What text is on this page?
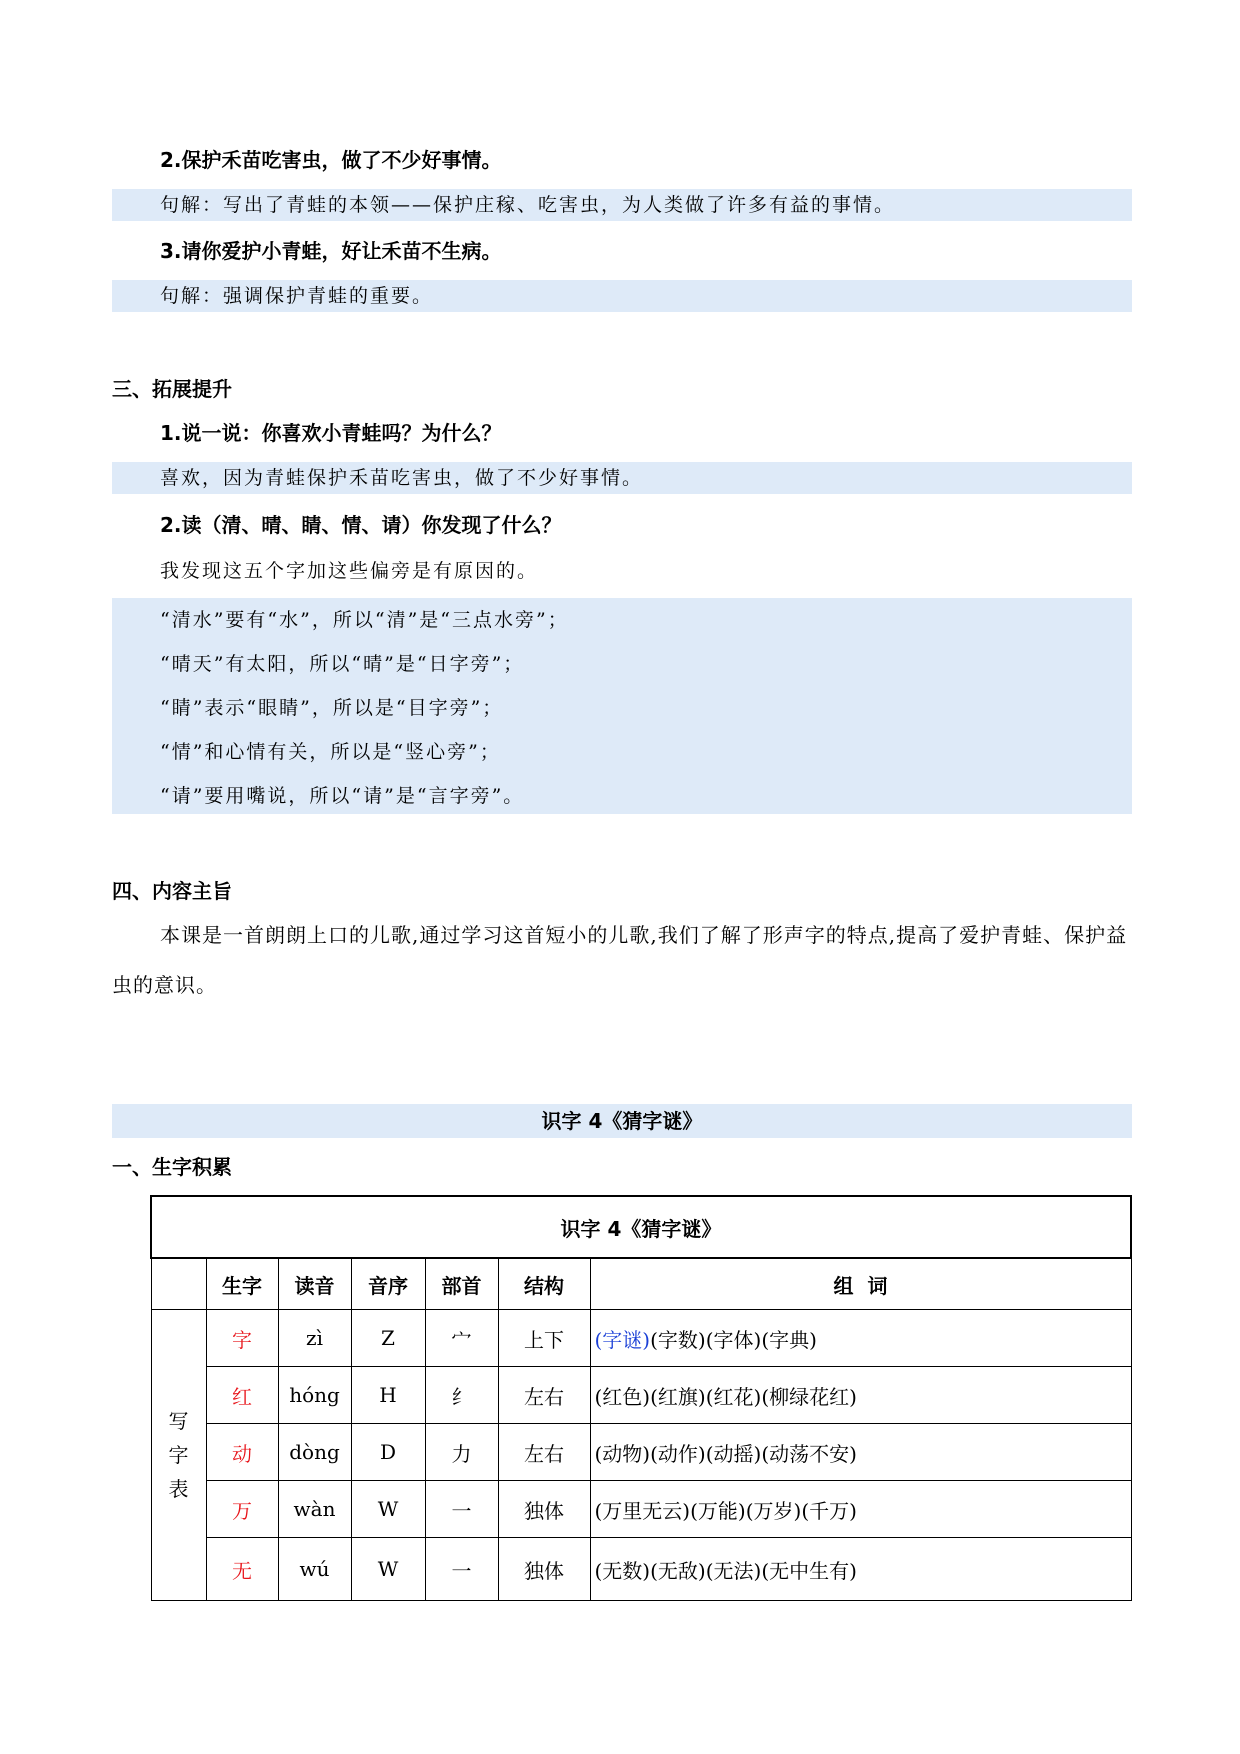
2.保护禾苗吃害虫，做了不少好事情。
句解：写出了青蛙的本领——保护庄稼、吃害虫，为人类做了许多有益的事情。
3.请你爱护小青蛙，好让禾苗不生病。
句解：强调保护青蛙的重要。
三、拓展提升
1.说一说：你喜欢小青蛙吗？为什么？
喜欢，因为青蛙保护禾苗吃害虫，做了不少好事情。
2.读（清、晴、睛、情、请）你发现了什么？
我发现这五个字加这些偏旁是有原因的。
“清水”要有“水”，所以“清”是“三点水旁”；
“晴天”有太阳，所以“晴”是“日字旁”；
“睛”表示“眼睛”，所以是“目字旁”；
“情”和心情有关，所以是“竖心旁”；
“请”要用嘴说，所以“请”是“言字旁”。
四、内容主旨
本课是一首朗朗上口的儿歌,通过学习这首短小的儿歌,我们了解了形声字的特点,提高了爱护青蛙、保护益虫的意识。
识字 4《猜字谜》
一、生字积累
识字 4《猜字谜》						
	生字	读音	音序	部首	结构	组  词

写
字
表	字	zì	Z	宀	上下	(字谜)(字数)(字体)(字典)
	红	hóng	H	纟	左右	(红色)(红旗)(红花)(柳绿花红)
	动	dòng	D	力	左右	(动物)(动作)(动摇)(动荡不安)
	万	wàn	W	一	独体	(万里无云)(万能)(万岁)(千万)
	无	wú	W	一	独体	(无数)(无敌)(无法)(无中生有)
